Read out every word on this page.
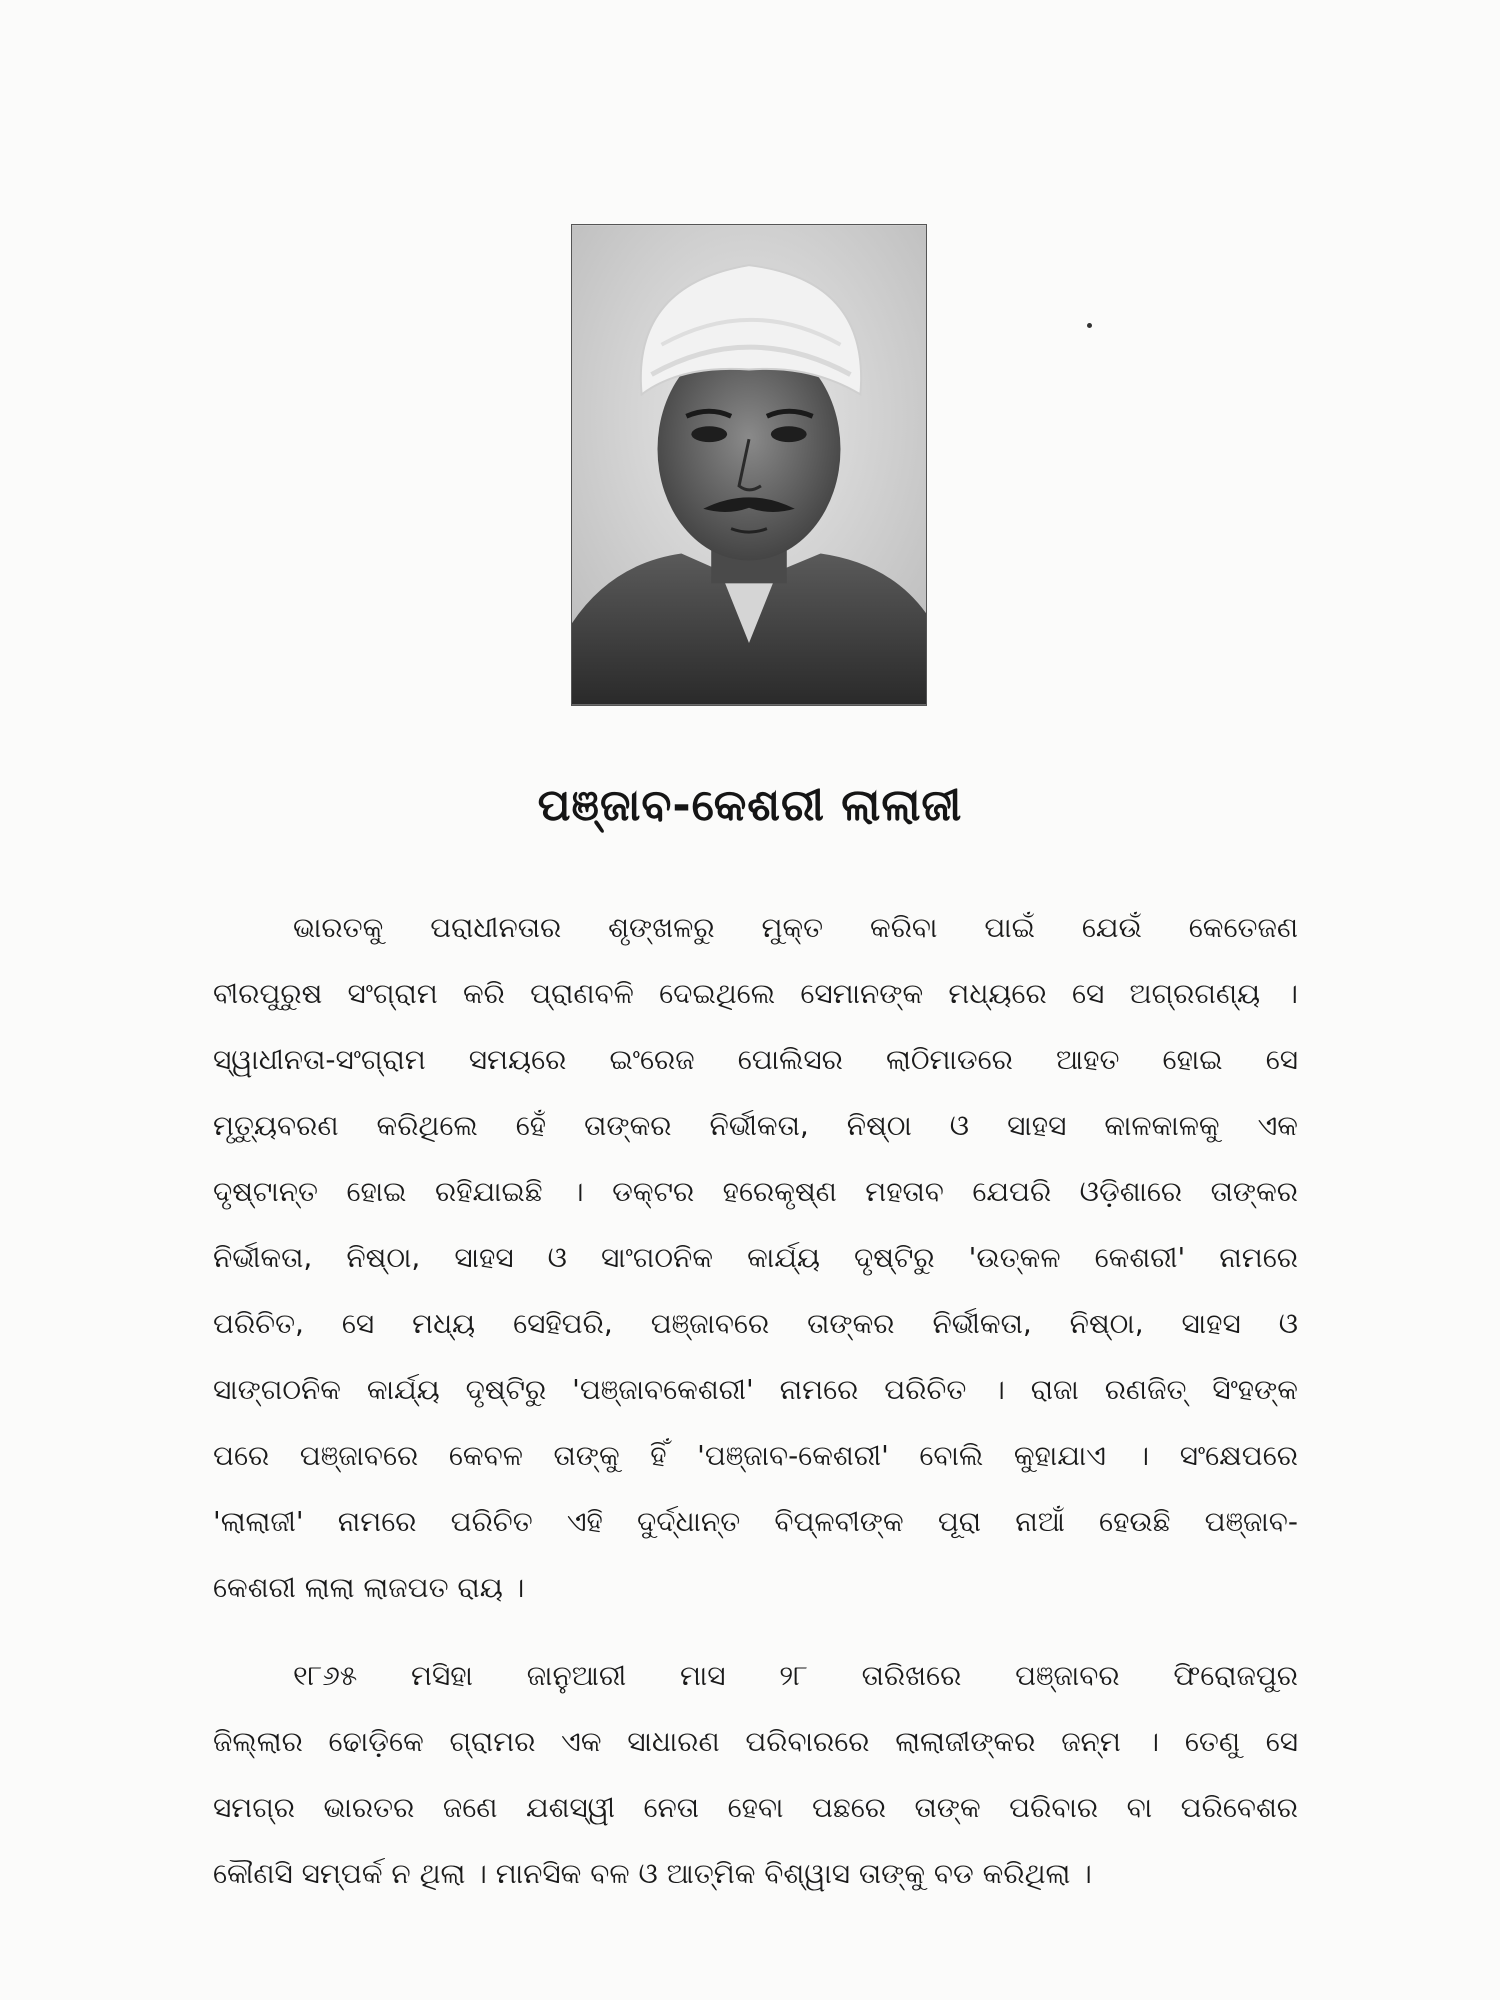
ପଞ୍ଜାବ-କେଶରୀ ଲାଲାଜୀ
ଭାରତକୁ ପରାଧୀନତାର ଶୃଙ୍ଖଳରୁ ମୁକ୍ତ କରିବା ପାଇଁ ଯେଉଁ କେତେଜଣ
ବୀରପୁରୁଷ ସଂଗ୍ରାମ କରି ପ୍ରାଣବଳି ଦେଇଥିଲେ ସେମାନଙ୍କ ମଧ୍ୟରେ ସେ ଅଗ୍ରଗଣ୍ୟ ।
ସ୍ୱାଧୀନତା-ସଂଗ୍ରାମ ସମୟରେ ଇଂରେଜ ପୋଲିସର ଲାଠିମାଡରେ ଆହତ ହୋଇ ସେ
ମୃତ୍ୟୁବରଣ କରିଥିଲେ ହେଁ ତାଙ୍କର ନିର୍ଭୀକତା, ନିଷ୍ଠା ଓ ସାହସ କାଳକାଳକୁ ଏକ
ଦୃଷ୍ଟାନ୍ତ ହୋଇ ରହିଯାଇଛି । ଡକ୍ଟର ହରେକୃଷ୍ଣ ମହତାବ ଯେପରି ଓଡ଼ିଶାରେ ତାଙ୍କର
ନିର୍ଭୀକତା, ନିଷ୍ଠା, ସାହସ ଓ ସାଂଗଠନିକ କାର୍ଯ୍ୟ ଦୃଷ୍ଟିରୁ 'ଉତ୍କଳ କେଶରୀ' ନାମରେ
ପରିଚିତ, ସେ ମଧ୍ୟ ସେହିପରି, ପଞ୍ଜାବରେ ତାଙ୍କର ନିର୍ଭୀକତା, ନିଷ୍ଠା, ସାହସ ଓ
ସାଙ୍ଗଠନିକ କାର୍ଯ୍ୟ ଦୃଷ୍ଟିରୁ 'ପଞ୍ଜାବକେଶରୀ' ନାମରେ ପରିଚିତ । ରାଜା ରଣଜିତ୍ ସିଂହଙ୍କ
ପରେ ପଞ୍ଜାବରେ କେବଳ ତାଙ୍କୁ ହିଁ 'ପଞ୍ଜାବ-କେଶରୀ' ବୋଲି କୁହାଯାଏ । ସଂକ୍ଷେପରେ
'ଲାଲାଜୀ' ନାମରେ ପରିଚିତ ଏହି ଦୁର୍ଦ୍ଧାନ୍ତ ବିପ୍ଳବୀଙ୍କ ପୂରା ନାଆଁ ହେଉଛି ପଞ୍ଜାବ-
କେଶରୀ ଲାଲା ଲାଜପତ ରାୟ ।
୧୮୬୫ ମସିହା ଜାନୁଆରୀ ମାସ ୨୮ ତାରିଖରେ ପଞ୍ଜାବର ଫିରୋଜପୁର
ଜିଲ୍ଲାର ଢୋଡ଼ିକେ ଗ୍ରାମର ଏକ ସାଧାରଣ ପରିବାରରେ ଲାଲାଜୀଙ୍କର ଜନ୍ମ । ତେଣୁ ସେ
ସମଗ୍ର ଭାରତର ଜଣେ ଯଶସ୍ୱୀ ନେତା ହେବା ପଛରେ ତାଙ୍କ ପରିବାର ବା ପରିବେଶର
କୌଣସି ସମ୍ପର୍କ ନ ଥିଲା । ମାନସିକ ବଳ ଓ ଆତ୍ମିକ ବିଶ୍ୱାସ ତାଙ୍କୁ ବଡ କରିଥିଲା ।
